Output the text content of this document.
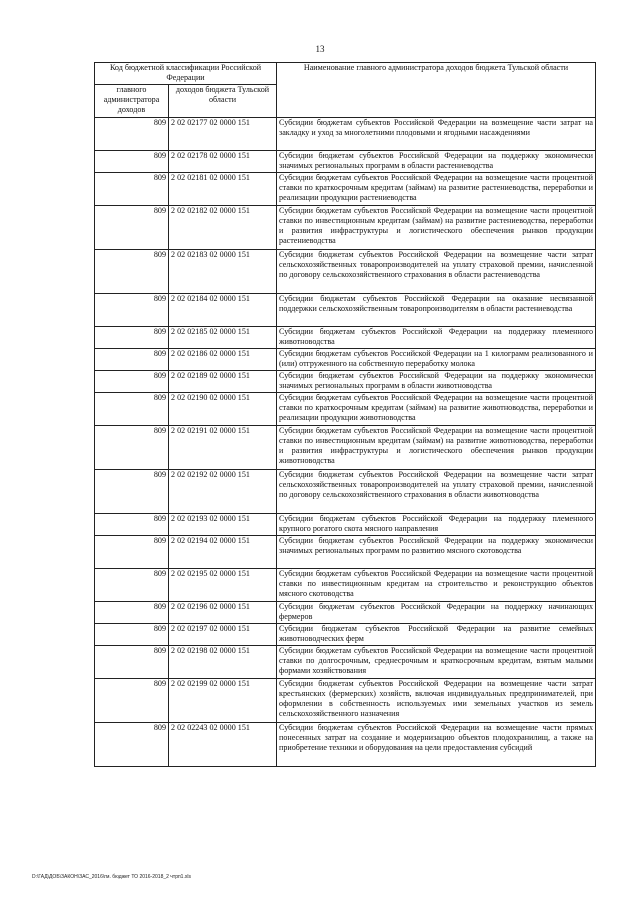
13
Код бюджетной классификации Российской Федерации		Наименование главного администратора доходов бюджета Тульской области
главного администратора доходов	доходов бюджета Тульской области	
809	2 02 02177 02 0000 151	Субсидии бюджетам субъектов Российской Федерации на возмещение части затрат на закладку и уход за многолетними плодовыми и ягодными насаждениями
809	2 02 02178 02 0000 151	Субсидии бюджетам субъектов Российской Федерации на поддержку экономически значимых региональных программ в области растениеводства
809	2 02 02181 02 0000 151	Субсидии бюджетам субъектов Российской Федерации на возмещение части процентной ставки по краткосрочным кредитам (займам) на развитие растениеводства, переработки и реализации продукции растениеводства
809	2 02 02182 02 0000 151	Субсидии бюджетам субъектов Российской Федерации на возмещение части процентной ставки по инвестиционным кредитам (займам) на развитие растениеводства, переработки и развития инфраструктуры и логистического обеспечения рынков продукции растениеводства
809	2 02 02183 02 0000 151	Субсидии бюджетам субъектов Российской Федерации на возмещение части затрат сельскохозяйственных товаропроизводителей на уплату страховой премии, начисленной по договору сельскохозяйственного страхования в области растениеводства
809	2 02 02184 02 0000 151	Субсидии бюджетам субъектов Российской Федерации на оказание несвязанной поддержки сельскохозяйственным товаропроизводителям в области растениеводства
809	2 02 02185 02 0000 151	Субсидии бюджетам субъектов Российской Федерации на поддержку племенного животноводства
809	2 02 02186 02 0000 151	Субсидии бюджетам субъектов Российской Федерации на 1 килограмм реализованного и (или) отгруженного на собственную переработку молока
809	2 02 02189 02 0000 151	Субсидии бюджетам субъектов Российской Федерации на поддержку экономически значимых региональных программ в области животноводства
809	2 02 02190 02 0000 151	Субсидии бюджетам субъектов Российской Федерации на возмещение части процентной ставки по краткосрочным кредитам (займам) на развитие животноводства, переработки и реализации продукции животноводства
809	2 02 02191 02 0000 151	Субсидии бюджетам субъектов Российской Федерации на возмещение части процентной ставки по инвестиционным кредитам (займам) на развитие животноводства, переработки и развития инфраструктуры и логистического обеспечения рынков продукции животноводства
809	2 02 02192 02 0000 151	Субсидии бюджетам субъектов Российской Федерации на возмещение части затрат сельскохозяйственных товаропроизводителей на уплату страховой премии, начисленной по договору сельскохозяйственного страхования в области животноводства
809	2 02 02193 02 0000 151	Субсидии бюджетам субъектов Российской Федерации на поддержку племенного крупного рогатого скота мясного направления
809	2 02 02194 02 0000 151	Субсидии бюджетам субъектов Российской Федерации на поддержку экономически значимых региональных программ по развитию мясного скотоводства
809	2 02 02195 02 0000 151	Субсидии бюджетам субъектов Российской Федерации на возмещение части процентной ставки по инвестиционным кредитам на строительство и реконструкцию объектов мясного скотоводства
809	2 02 02196 02 0000 151	Субсидии бюджетам субъектов Российской Федерации на поддержку начинающих фермеров
809	2 02 02197 02 0000 151	Субсидии бюджетам субъектов Российской Федерации на развитие семейных животноводческих ферм
809	2 02 02198 02 0000 151	Субсидии бюджетам субъектов Российской Федерации на возмещение части процентной ставки по долгосрочным, среднесрочным и краткосрочным кредитам, взятым малыми формами хозяйствования
809	2 02 02199 02 0000 151	Субсидии бюджетам субъектов Российской Федерации на возмещение части затрат крестьянских (фермерских) хозяйств, включая индивидуальных предпринимателей, при оформлении в собственность используемых ими земельных участков из земель сельскохозяйственного назначения
809	2 02 02243 02 0000 151	Субсидии бюджетам субъектов Российской Федерации на возмещение части прямых понесенных затрат на создание и модернизацию объектов плодохранилищ, а также на приобретение техники и оборудования на цели предоставления субсидий
D:\ГАД\ДОБ\ЗАКОН\ЗАС_2016\гм. бюджет ТО 2016-2018_2 чтрп1.xls
